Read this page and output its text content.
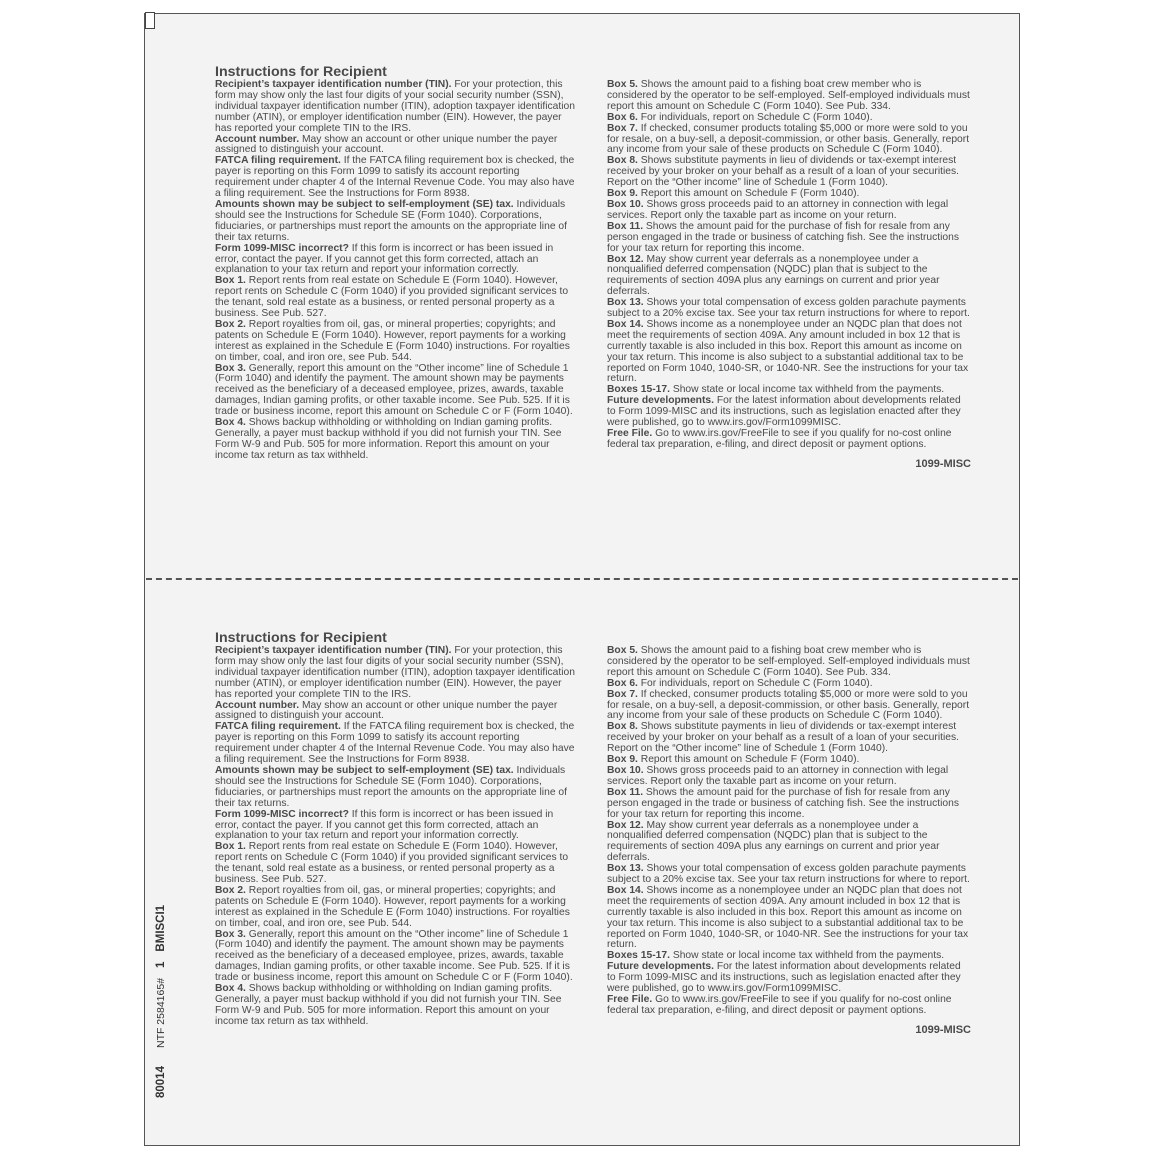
Instructions for Recipient

Recipient’s taxpayer identification number (TIN). For your protection, this form may show only the last four digits of your social security number (SSN), individual taxpayer identification number (ITIN), adoption taxpayer identification number (ATIN), or employer identification number (EIN). However, the payer has reported your complete TIN to the IRS.

Account number. May show an account or other unique number the payer assigned to distinguish your account.

FATCA filing requirement. If the FATCA filing requirement box is checked, the payer is reporting on this Form 1099 to satisfy its account reporting requirement under chapter 4 of the Internal Revenue Code. You may also have a filing requirement. See the Instructions for Form 8938.

Amounts shown may be subject to self-employment (SE) tax. Individuals should see the Instructions for Schedule SE (Form 1040). Corporations, fiduciaries, or partnerships must report the amounts on the appropriate line of their tax returns.

Form 1099-MISC incorrect? If this form is incorrect or has been issued in error, contact the payer. If you cannot get this form corrected, attach an explanation to your tax return and report your information correctly.

Box 1. Report rents from real estate on Schedule E (Form 1040). However, report rents on Schedule C (Form 1040) if you provided significant services to the tenant, sold real estate as a business, or rented personal property as a business. See Pub. 527.

Box 2. Report royalties from oil, gas, or mineral properties; copyrights; and patents on Schedule E (Form 1040). However, report payments for a working interest as explained in the Schedule E (Form 1040) instructions. For royalties on timber, coal, and iron ore, see Pub. 544.

Box 3. Generally, report this amount on the “Other income” line of Schedule 1 (Form 1040) and identify the payment. The amount shown may be payments received as the beneficiary of a deceased employee, prizes, awards, taxable damages, Indian gaming profits, or other taxable income. See Pub. 525. If it is trade or business income, report this amount on Schedule C or F (Form 1040).

Box 4. Shows backup withholding or withholding on Indian gaming profits. Generally, a payer must backup withhold if you did not furnish your TIN. See Form W-9 and Pub. 505 for more information. Report this amount on your income tax return as tax withheld.

Box 5. Shows the amount paid to a fishing boat crew member who is considered by the operator to be self-employed. Self-employed individuals must report this amount on Schedule C (Form 1040). See Pub. 334.

Box 6. For individuals, report on Schedule C (Form 1040).

Box 7. If checked, consumer products totaling $5,000 or more were sold to you for resale, on a buy-sell, a deposit-commission, or other basis. Generally, report any income from your sale of these products on Schedule C (Form 1040).

Box 8. Shows substitute payments in lieu of dividends or tax-exempt interest received by your broker on your behalf as a result of a loan of your securities. Report on the “Other income” line of Schedule 1 (Form 1040).

Box 9. Report this amount on Schedule F (Form 1040).

Box 10. Shows gross proceeds paid to an attorney in connection with legal services. Report only the taxable part as income on your return.

Box 11. Shows the amount paid for the purchase of fish for resale from any person engaged in the trade or business of catching fish. See the instructions for your tax return for reporting this income.

Box 12. May show current year deferrals as a nonemployee under a nonqualified deferred compensation (NQDC) plan that is subject to the requirements of section 409A plus any earnings on current and prior year deferrals.

Box 13. Shows your total compensation of excess golden parachute payments subject to a 20% excise tax. See your tax return instructions for where to report.

Box 14. Shows income as a nonemployee under an NQDC plan that does not meet the requirements of section 409A. Any amount included in box 12 that is currently taxable is also included in this box. Report this amount as income on your tax return. This income is also subject to a substantial additional tax to be reported on Form 1040, 1040-SR, or 1040-NR. See the instructions for your tax return.

Boxes 15-17. Show state or local income tax withheld from the payments.

Future developments. For the latest information about developments related to Form 1099-MISC and its instructions, such as legislation enacted after they were published, go to www.irs.gov/Form1099MISC.

Free File. Go to www.irs.gov/FreeFile to see if you qualify for no-cost online federal tax preparation, e-filing, and direct deposit or payment options.

1099-MISC
Instructions for Recipient

Recipient’s taxpayer identification number (TIN). For your protection, this form may show only the last four digits of your social security number (SSN), individual taxpayer identification number (ITIN), adoption taxpayer identification number (ATIN), or employer identification number (EIN). However, the payer has reported your complete TIN to the IRS.

Account number. May show an account or other unique number the payer assigned to distinguish your account.

FATCA filing requirement. If the FATCA filing requirement box is checked, the payer is reporting on this Form 1099 to satisfy its account reporting requirement under chapter 4 of the Internal Revenue Code. You may also have a filing requirement. See the Instructions for Form 8938.

Amounts shown may be subject to self-employment (SE) tax. Individuals should see the Instructions for Schedule SE (Form 1040). Corporations, fiduciaries, or partnerships must report the amounts on the appropriate line of their tax returns.

Form 1099-MISC incorrect? If this form is incorrect or has been issued in error, contact the payer. If you cannot get this form corrected, attach an explanation to your tax return and report your information correctly.

Box 1. Report rents from real estate on Schedule E (Form 1040). However, report rents on Schedule C (Form 1040) if you provided significant services to the tenant, sold real estate as a business, or rented personal property as a business. See Pub. 527.

Box 2. Report royalties from oil, gas, or mineral properties; copyrights; and patents on Schedule E (Form 1040). However, report payments for a working interest as explained in the Schedule E (Form 1040) instructions. For royalties on timber, coal, and iron ore, see Pub. 544.

Box 3. Generally, report this amount on the “Other income” line of Schedule 1 (Form 1040) and identify the payment. The amount shown may be payments received as the beneficiary of a deceased employee, prizes, awards, taxable damages, Indian gaming profits, or other taxable income. See Pub. 525. If it is trade or business income, report this amount on Schedule C or F (Form 1040).

Box 4. Shows backup withholding or withholding on Indian gaming profits. Generally, a payer must backup withhold if you did not furnish your TIN. See Form W-9 and Pub. 505 for more information. Report this amount on your income tax return as tax withheld.

Box 5. Shows the amount paid to a fishing boat crew member who is considered by the operator to be self-employed. Self-employed individuals must report this amount on Schedule C (Form 1040). See Pub. 334.

Box 6. For individuals, report on Schedule C (Form 1040).

Box 7. If checked, consumer products totaling $5,000 or more were sold to you for resale, on a buy-sell, a deposit-commission, or other basis. Generally, report any income from your sale of these products on Schedule C (Form 1040).

Box 8. Shows substitute payments in lieu of dividends or tax-exempt interest received by your broker on your behalf as a result of a loan of your securities. Report on the “Other income” line of Schedule 1 (Form 1040).

Box 9. Report this amount on Schedule F (Form 1040).

Box 10. Shows gross proceeds paid to an attorney in connection with legal services. Report only the taxable part as income on your return.

Box 11. Shows the amount paid for the purchase of fish for resale from any person engaged in the trade or business of catching fish. See the instructions for your tax return for reporting this income.

Box 12. May show current year deferrals as a nonemployee under a nonqualified deferred compensation (NQDC) plan that is subject to the requirements of section 409A plus any earnings on current and prior year deferrals.

Box 13. Shows your total compensation of excess golden parachute payments subject to a 20% excise tax. See your tax return instructions for where to report.

Box 14. Shows income as a nonemployee under an NQDC plan that does not meet the requirements of section 409A. Any amount included in box 12 that is currently taxable is also included in this box. Report this amount as income on your tax return. This income is also subject to a substantial additional tax to be reported on Form 1040, 1040-SR, or 1040-NR. See the instructions for your tax return.

Boxes 15-17. Show state or local income tax withheld from the payments.

Future developments. For the latest information about developments related to Form 1099-MISC and its instructions, such as legislation enacted after they were published, go to www.irs.gov/Form1099MISC.

Free File. Go to www.irs.gov/FreeFile to see if you qualify for no-cost online federal tax preparation, e-filing, and direct deposit or payment options.

1099-MISC
80014NTF 2584165#1BMISCI1
